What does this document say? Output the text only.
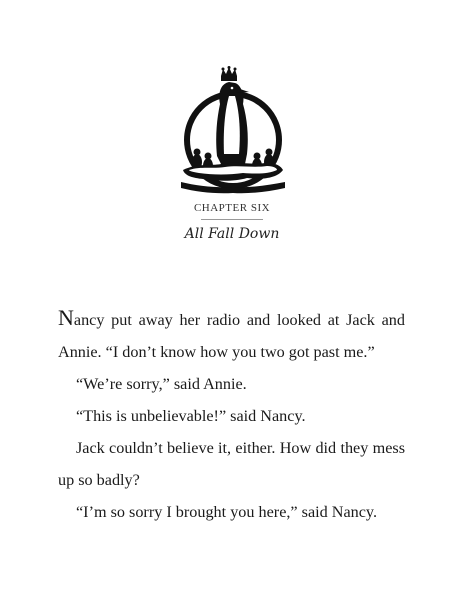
CHAPTER SIX
All Fall Down

Nancy put away her radio and looked at Jack and Annie. “I don’t know how you two got past me.”

“We’re sorry,” said Annie.

“This is unbelievable!” said Nancy.

Jack couldn’t believe it, either. How did they mess up so badly?

“I’m so sorry I brought you here,” said Nancy.
